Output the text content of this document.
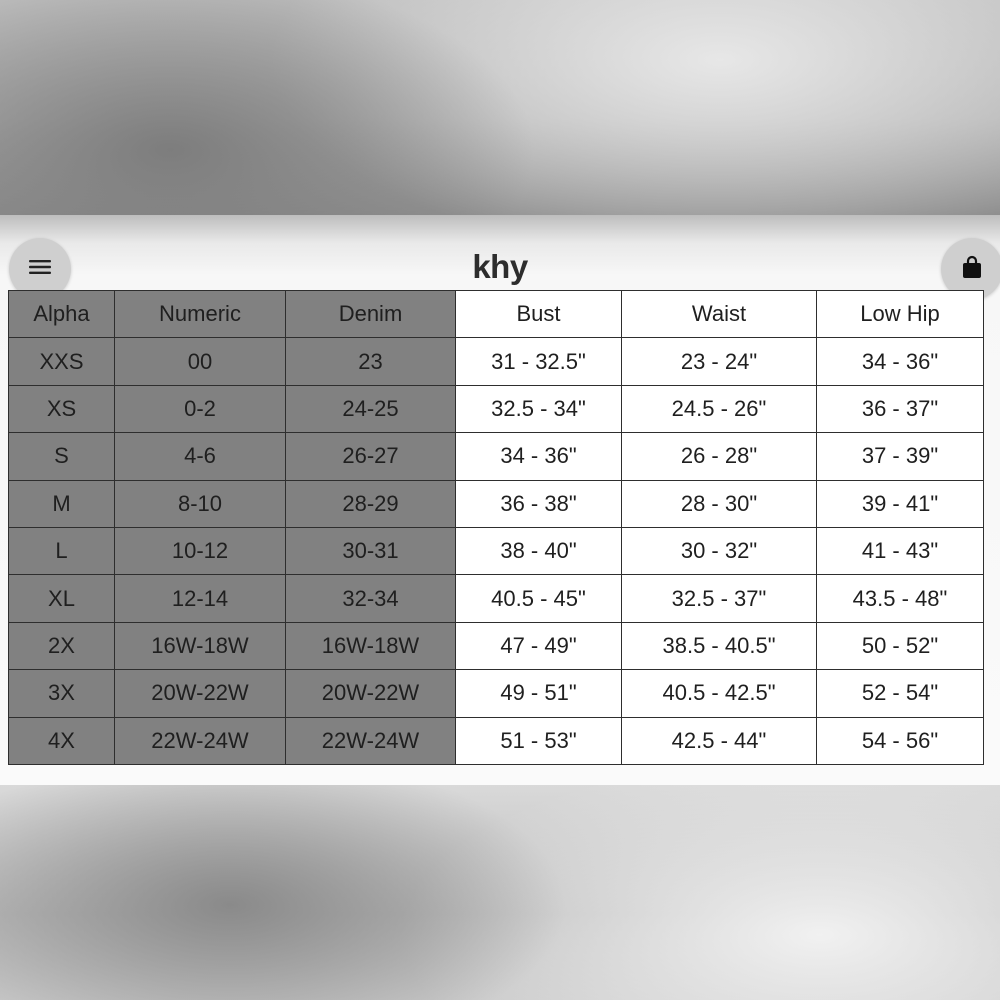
khy
Alpha	Numeric	Denim	Bust	Waist	Low Hip
XXS	00	23	31 - 32.5"	23 - 24"	34 - 36"
XS	0-2	24-25	32.5 - 34"	24.5 - 26"	36 - 37"
S	4-6	26-27	34 - 36"	26 - 28"	37 - 39"
M	8-10	28-29	36 - 38"	28 - 30"	39 - 41"
L	10-12	30-31	38 - 40"	30 - 32"	41 - 43"
XL	12-14	32-34	40.5 - 45"	32.5 - 37"	43.5 - 48"
2X	16W-18W	16W-18W	47 - 49"	38.5 - 40.5"	50 - 52"
3X	20W-22W	20W-22W	49 - 51"	40.5 - 42.5"	52 - 54"
4X	22W-24W	22W-24W	51 - 53"	42.5 - 44"	54 - 56"
